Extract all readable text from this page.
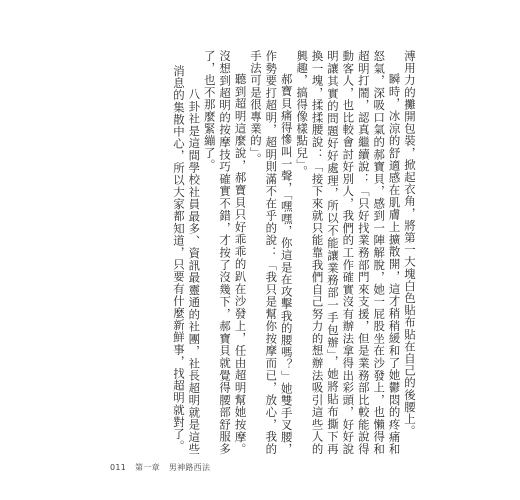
溥用力的攤開包裝，掀起衣角，將第一大塊白色貼布貼在自己的後腰上。

瞬時，冰涼的舒適感在肌膚上擴散開，這才稍稍緩和了她鬱悶的疼痛和怒氣，深吸口氣的郝寶貝，感到一陣解脫，她一屁股坐在沙發上，也懶得和超明打鬧，認真繼續說：「只好找業務部門來支援，但是業務部比較能說得動客人，也比較會討好別人，我們的工作確實沒有辦法拿得出彩頭，好好說明讓其實的問題好好處理，所以不能讓業務部一手包辦」，她將貼布撕下再換一塊，揉揉腰說：「接下來就只能靠我們自己努力的想辦法吸引這些人的興趣，搞得像樣點兒」。

郝寶貝痛得慘叫一聲，「嘿嘿，你這是在攻擊我的腰嗎？」她雙手叉腰，作勢要打超明，超明則滿不在乎的說：「我只是幫你按摩而已，放心，我的手法可是很專業的」。

聽到超明這麼說，郝寶貝只好乖乖的趴在沙發上，任由超明幫她按摩。沒想到超明的按摩技巧確實不錯，才按了沒幾下，郝寶貝就覺得腰部舒服多了，也不那麼緊繃了。

八卦社是這間學校社員最多、資訊最靈通的社團，社長超明就是這些消息的集散中心，所以大家都知道，只要有什麼新鮮事，找超明就對了。

011 第一章 男神路西法
